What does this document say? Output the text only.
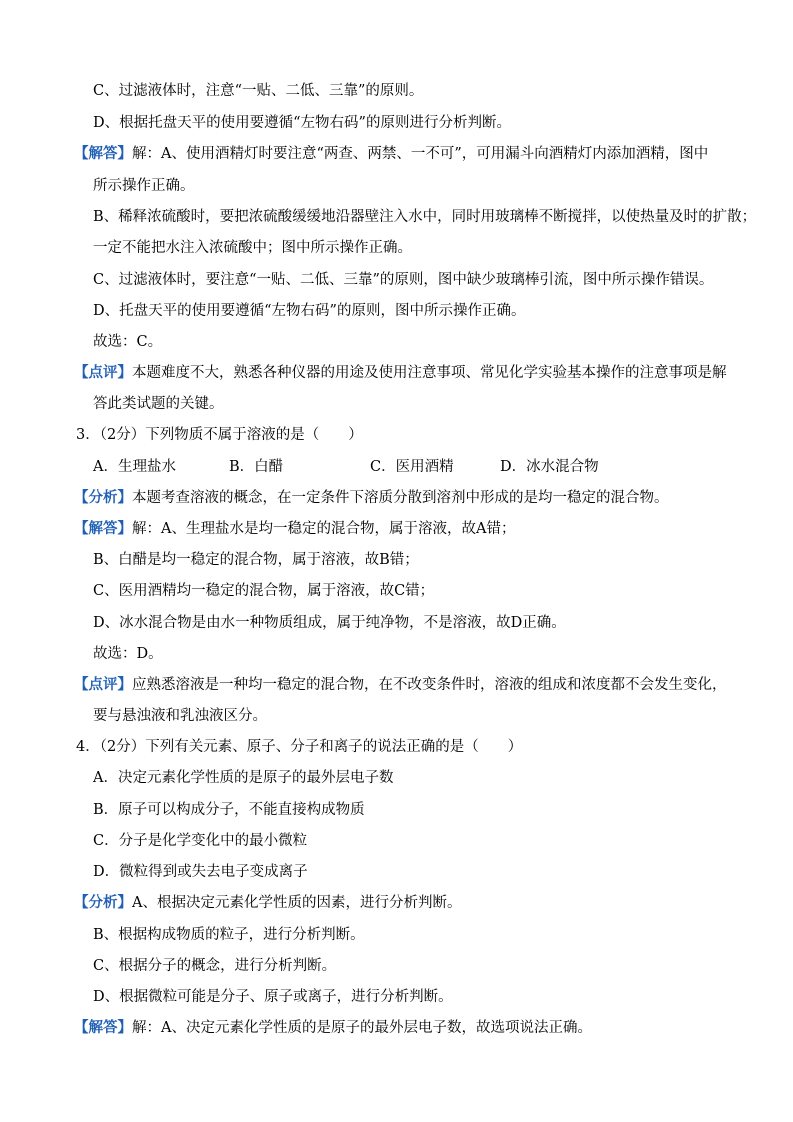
C、过滤液体时，注意“一贴、二低、三靠”的原则。
D、根据托盘天平的使用要遵循“左物右码”的原则进行分析判断。
【解答】解：A、使用酒精灯时要注意“两查、两禁、一不可”，可用漏斗向酒精灯内添加酒精，图中
所示操作正确。
B、稀释浓硫酸时，要把浓硫酸缓缓地沿器壁注入水中，同时用玻璃棒不断搅拌，以使热量及时的扩散；
一定不能把水注入浓硫酸中；图中所示操作正确。
C、过滤液体时，要注意“一贴、二低、三靠”的原则，图中缺少玻璃棒引流，图中所示操作错误。
D、托盘天平的使用要遵循“左物右码”的原则，图中所示操作正确。
故选：C。
【点评】本题难度不大，熟悉各种仪器的用途及使用注意事项、常见化学实验基本操作的注意事项是解
答此类试题的关键。
3．（2分）下列物质不属于溶液的是（　　）
A．生理盐水	B．白醋	C．医用酒精	D．冰水混合物
【分析】本题考查溶液的概念，在一定条件下溶质分散到溶剂中形成的是均一稳定的混合物。
【解答】解：A、生理盐水是均一稳定的混合物，属于溶液，故A错；
B、白醋是均一稳定的混合物，属于溶液，故B错；
C、医用酒精均一稳定的混合物，属于溶液，故C错；
D、冰水混合物是由水一种物质组成，属于纯净物，不是溶液，故D正确。
故选：D。
【点评】应熟悉溶液是一种均一稳定的混合物，在不改变条件时，溶液的组成和浓度都不会发生变化，
要与悬浊液和乳浊液区分。
4．（2分）下列有关元素、原子、分子和离子的说法正确的是（　　）
A．决定元素化学性质的是原子的最外层电子数
B．原子可以构成分子，不能直接构成物质
C．分子是化学变化中的最小微粒
D．微粒得到或失去电子变成离子
【分析】A、根据决定元素化学性质的因素，进行分析判断。
B、根据构成物质的粒子，进行分析判断。
C、根据分子的概念，进行分析判断。
D、根据微粒可能是分子、原子或离子，进行分析判断。
【解答】解：A、决定元素化学性质的是原子的最外层电子数，故选项说法正确。
